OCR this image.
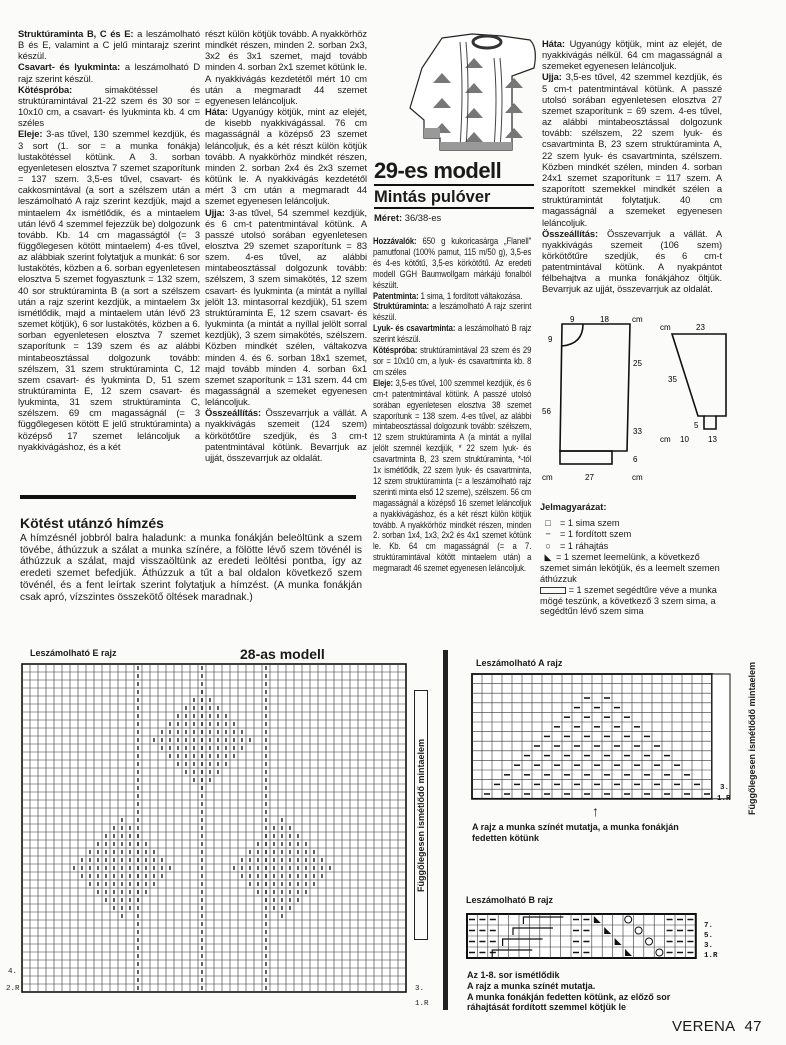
Struktúraminta B, C és E: a leszámolható B és E, valamint a C jelű mintarajz szerint készül.

Csavart- és lyukminta: a leszámolható D rajz szerint készül.

Kötéspróba: simakötéssel és struktúramintával 21-22 szem és 30 sor = 10x10 cm, a csavart- és lyukminta kb. 4 cm széles

Eleje: 3-as tűvel, 130 szemmel kezdjük, és 3 sort (1. sor = a munka fonákja) lustakötéssel kötünk. A 3. sorban egyenletesen elosztva 7 szemet szaporítunk = 137 szem. 3,5-es tűvel, csavart- és cakkosmintával (a sort a szélszem után a leszámolható A rajz szerint kezdjük, majd a mintaelem 4x ismétlődik, és a mintaelem után lévő 4 szemmel fejezzük be) dolgozunk tovább. Kb. 14 cm magasságtól (= 3 függőlegesen kötött mintaelem) 4-es tűvel, az alábbiak szerint folytatjuk a munkát: 6 sor lustakötés, közben a 6. sorban egyenletesen elosztva 5 szemet fogyasztunk = 132 szem, 40 sor struktúraminta B (a sort a szélszem után a rajz szerint kezdjük, a mintaelem 3x ismétlődik, majd a mintaelem után lévő 23 szemet kötjük), 6 sor lustakötés, közben a 6. sorban egyenletesen elosztva 7 szemet szaporítunk = 139 szem és az alábbi mintabeosztással dolgozunk tovább: szélszem, 31 szem struktúraminta C, 12 szem csavart- és lyukminta D, 51 szem struktúraminta E, 12 szem csavart- és lyukminta, 31 szem struktúraminta C, szélszem. 69 cm magasságnál (= 3 függőlegesen kötött E jelű struktúraminta) a középső 17 szemet leláncoljuk a nyakkivágáshoz, és a két

részt külön kötjük tovább. A nyakkörhöz mindkét részen, minden 2. sorban 2x3, 3x2 és 3x1 szemet, majd tovább minden 4. sorban 2x1 szemet kötünk le. A nyakkivágás kezdetétől mért 10 cm után a megmaradt 44 szemet egyenesen leláncoljuk.

Háta: Ugyanúgy kötjük, mint az elejét, de kisebb nyakkivágással. 76 cm magasságnál a középső 23 szemet leláncoljuk, és a két részt külön kötjük tovább. A nyakkörhöz mindkét részen, minden 2. sorban 2x4 és 2x3 szemet kötünk le. A nyakkivágás kezdetétől mért 3 cm után a megmaradt 44 szemet egyenesen leláncoljuk.

Ujja: 3-as tűvel, 54 szemmel kezdjük, és 6 cm-t patentmintával kötünk. A passzé utolsó sorában egyenletesen elosztva 29 szemet szaporítunk = 83 szem. 4-es tűvel, az alábbi mintabeosztással dolgozunk tovább: szélszem, 3 szem simakötés, 12 szem csavart- és lyukminta (a mintát a nyíllal jelölt 13. mintasorral kezdjük), 51 szem struktúraminta E, 12 szem csavart- és lyukminta (a mintát a nyíllal jelölt sorral kezdjük), 3 szem simakötés, szélszem. Közben mindkét szélen, váltakozva minden 4. és 6. sorban 18x1 szemet, majd tovább minden 4. sorban 6x1 szemet szaporítunk = 131 szem. 44 cm magasságnál a szemeket egyenesen leláncoljuk.

Összeállítás: Összevarrjuk a vállát. A nyakkivágás szemeit (124 szem) körkötőtűre szedjük, és 3 cm-t patentmintával kötünk. Bevarrjuk az ujját, összevarrjuk az oldalát.

29-es modell
Mintás pulóver
Méret: 36/38-es

Hozzávalók: 650 g kukoricasárga „Flanell" pamutfonal (100% pamut, 115 m/50 g), 3,5-es és 4-es kötőtű, 3,5-es körkötőtű. Az eredeti modell GGH Baumwollgarn márkájú fonalból készült.

Patentminta: 1 sima, 1 fordított váltakozása.

Struktúraminta: a leszámolható A rajz szerint készül.

Lyuk- és csavartminta: a leszámolható B rajz szerint készül.

Kötéspróba: struktúramintával 23 szem és 29 sor = 10x10 cm, a lyuk- és csavartminta kb. 8 cm széles

Eleje: 3,5-es tűvel, 100 szemmel kezdjük, és 6 cm-t patentmintával kötünk. A passzé utolsó sorában egyenletesen elosztva 38 szemet szaporítunk = 138 szem. 4-es tűvel, az alábbi mintabeosztással dolgozunk tovább: szélszem, 12 szem struktúraminta A (a mintát a nyíllal jelölt szemnél kezdjük, * 22 szem lyuk- és csavartminta B, 23 szem struktúraminta, *-tól 1x ismétlődik, 22 szem lyuk- és csavartminta, 12 szem struktúraminta (= a leszámolható rajz szerinti minta első 12 szeme), szélszem. 56 cm magasságnál a középső 16 szemet leláncoljuk a nyakkivágáshoz, és a két részt külön kötjük tovább. A nyakkörhöz mindkét részen, minden 2. sorban 1x4, 1x3, 2x2 és 4x1 szemet kötünk le. Kb. 64 cm magasságnál (= a 7. struktúramintával kötött mintaelem után) a megmaradt 46 szemet egyenesen leláncoljuk.

Háta: Ugyanúgy kötjük, mint az elejét, de nyakkivágás nélkül. 64 cm magasságnál a szemeket egyenesen leláncoljuk.

Ujja: 3,5-es tűvel, 42 szemmel kezdjük, és 5 cm-t patentmintával kötünk. A passzé utolsó sorában egyenletesen elosztva 27 szemet szaporítunk = 69 szem. 4-es tűvel, az alábbi mintabeosztással dolgozunk tovább: szélszem, 22 szem lyuk- és csavartminta B, 23 szem struktúraminta A, 22 szem lyuk- és csavartminta, szélszem. Közben mindkét szélen, minden 4. sorban 24x1 szemet szaporítunk = 117 szem. A szaporított szemekkel mindkét szélen a struktúramintát folytatjuk. 40 cm magasságnál a szemeket egyenesen leláncoljuk.

Összeállítás: Összevarrjuk a vállát. A nyakkivágás szemeit (106 szem) körkötőtűre szedjük, és 6 cm-t patentmintával kötünk. A nyakpántot félbehajtva a munka fonákjához öltjük. Bevarrjuk az ujját, összevarrjuk az oldalát.

9	18	cm
9
25
56
33
6
27
cm	cm
cm	23
35
5
cm 10 13
Jelmagyarázat:
□	= 1 sima szem
−	= 1 fordított szem
○	= 1 ráhajtás
◣ = 1 szemet leemelünk, a következő szemet simán lekötjük, és a leemelt szemen áthúzzuk
= 1 szemet segédtűre véve a munka mögé teszünk, a következő 3 szem sima, a segédtűn lévő szem sima
Kötést utánzó hímzés
A hímzésnél jobbról balra haladunk: a munka fonákján beleöltünk a szem tövébe, áthúzzuk a szálat a munka színére, a fölötte lévő szem tövénél is áthúzzuk a szálat, majd visszaöltünk az eredeti leöltési pontba, így az eredeti szemet befedjük. Áthúzzuk a tűt a bal oldalon következő szem tövénél, és a fent leírtak szerint folytatjuk a hímzést. (A munka fonákján csak apró, vízszintes összekötő öltések maradnak.)
Leszámolható E rajz	28-as modell
Függőlegesen ismétlődő mintaelem
4.
2.R	3.
1.R
Leszámolható A rajz
3.
1.R Függőlegesen ismétlődő mintaelem
↑
A rajz a munka színét mutatja, a munka fonákján fedetten kötünk
Leszámolható B rajz
7.
5.
3.
1.R
Az 1-8. sor ismétlődik
A rajz a munka színét mutatja.
A munka fonákján fedetten kötünk, az előző sor ráhajtását fordított szemmel kötjük le
VERENA 47
